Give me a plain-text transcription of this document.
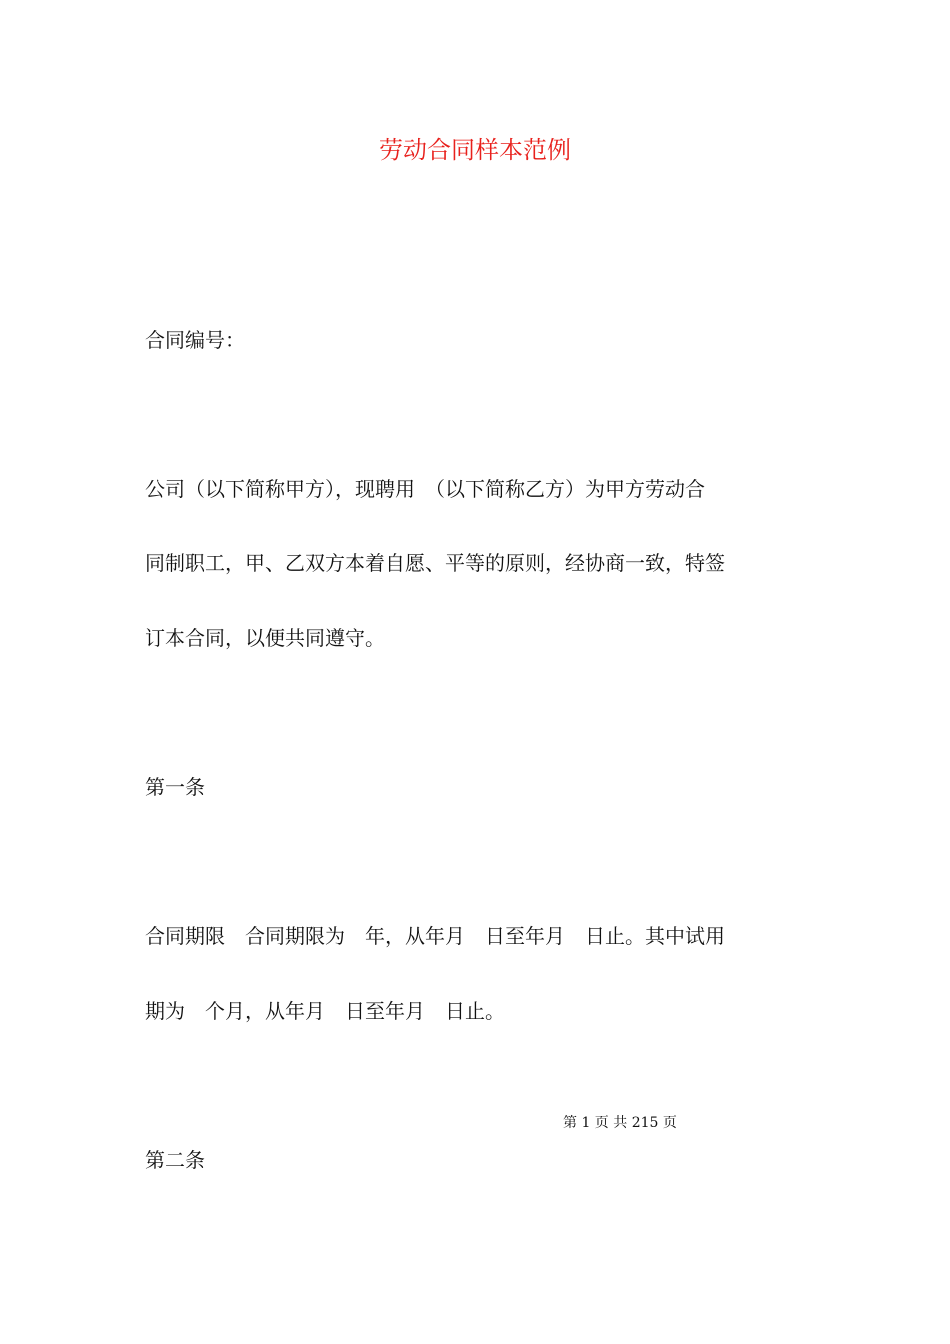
劳动合同样本范例
合同编号：
公司（以下简称甲方），现聘用　（以下简称乙方）为甲方劳动合
同制职工，甲、乙双方本着自愿、平等的原则，经协商一致，特签
订本合同，以便共同遵守。
第一条
合同期限　合同期限为　年，从年月　日至年月　日止。其中试用
期为　个月，从年月　日至年月　日止。
第 1 页 共 215 页
第二条
